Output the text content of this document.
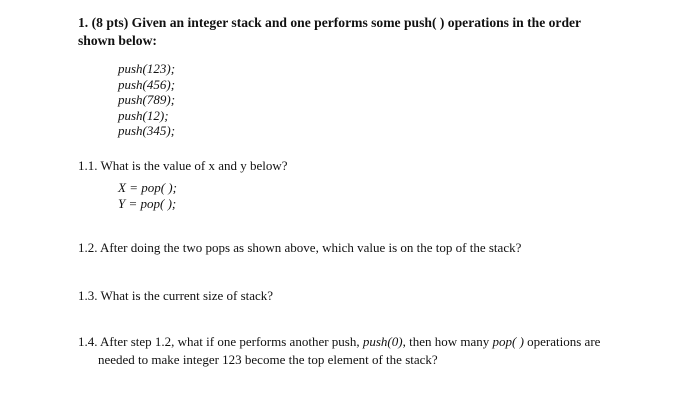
1. (8 pts) Given an integer stack and one performs some push( ) operations in the order shown below:
push(123);
push(456);
push(789);
push(12);
push(345);
1.1. What is the value of x and y below?
X = pop( );
Y = pop( );
1.2. After doing the two pops as shown above, which value is on the top of the stack?
1.3. What is the current size of stack?
1.4. After step 1.2, what if one performs another push, push(0), then how many pop( ) operations are
needed to make integer 123 become the top element of the stack?
